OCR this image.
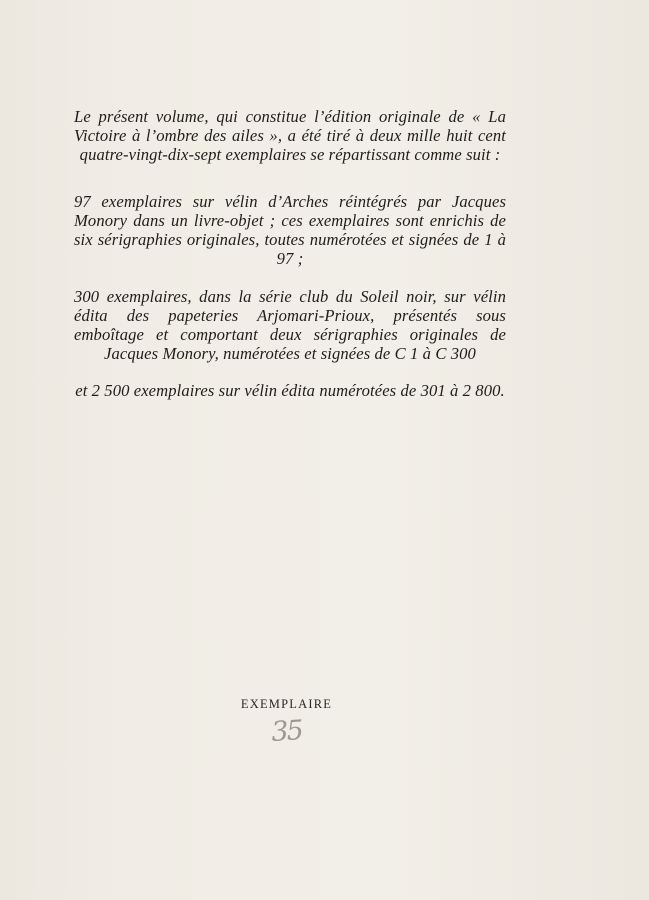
Le présent volume, qui constitue l’édition originale de « La Victoire à l’ombre des ailes », a été tiré à deux mille huit cent quatre-vingt-dix-sept exemplaires se répartissant comme suit :

97 exemplaires sur vélin d’Arches réintégrés par Jacques Monory dans un livre-objet ; ces exemplaires sont enrichis de six sérigraphies originales, toutes numérotées et signées de 1 à 97 ;

300 exemplaires, dans la série club du Soleil noir, sur vélin édita des papeteries Arjomari-Prioux, présentés sous emboîtage et comportant deux sérigraphies originales de Jacques Monory, numérotées et signées de C 1 à C 300

et 2 500 exemplaires sur vélin édita numérotées de 301 à 2 800.

EXEMPLAIRE
35
